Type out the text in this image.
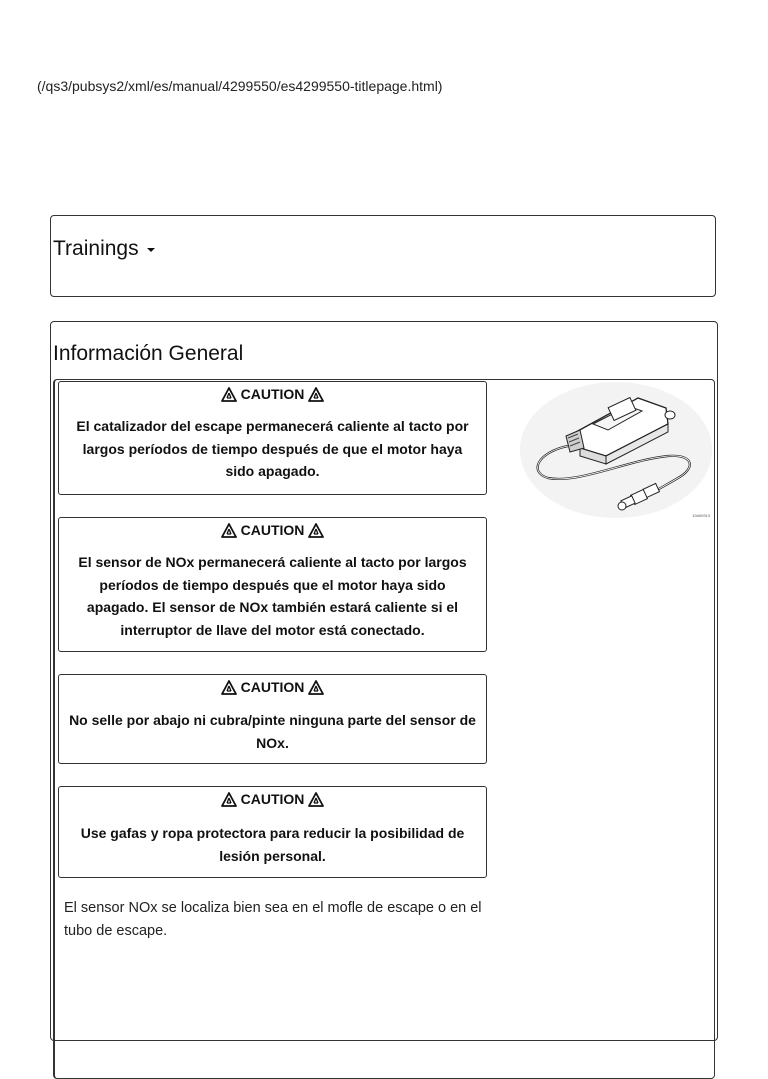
(/qs3/pubsys2/xml/es/manual/4299550/es4299550-titlepage.html)
Trainings
Información General
CAUTION
El catalizador del escape permanecerá caliente al tacto por largos períodos de tiempo después de que el motor haya sido apagado.
CAUTION
El sensor de NOx permanecerá caliente al tacto por largos períodos de tiempo después que el motor haya sido apagado. El sensor de NOx también estará caliente si el interruptor de llave del motor está conectado.
CAUTION
No selle por abajo ni cubra/pinte ninguna parte del sensor de NOx.
CAUTION
Use gafas y ropa protectora para reducir la posibilidad de lesión personal.
El sensor NOx se localiza bien sea en el mofle de escape o en el tubo de escape.
19d00913
